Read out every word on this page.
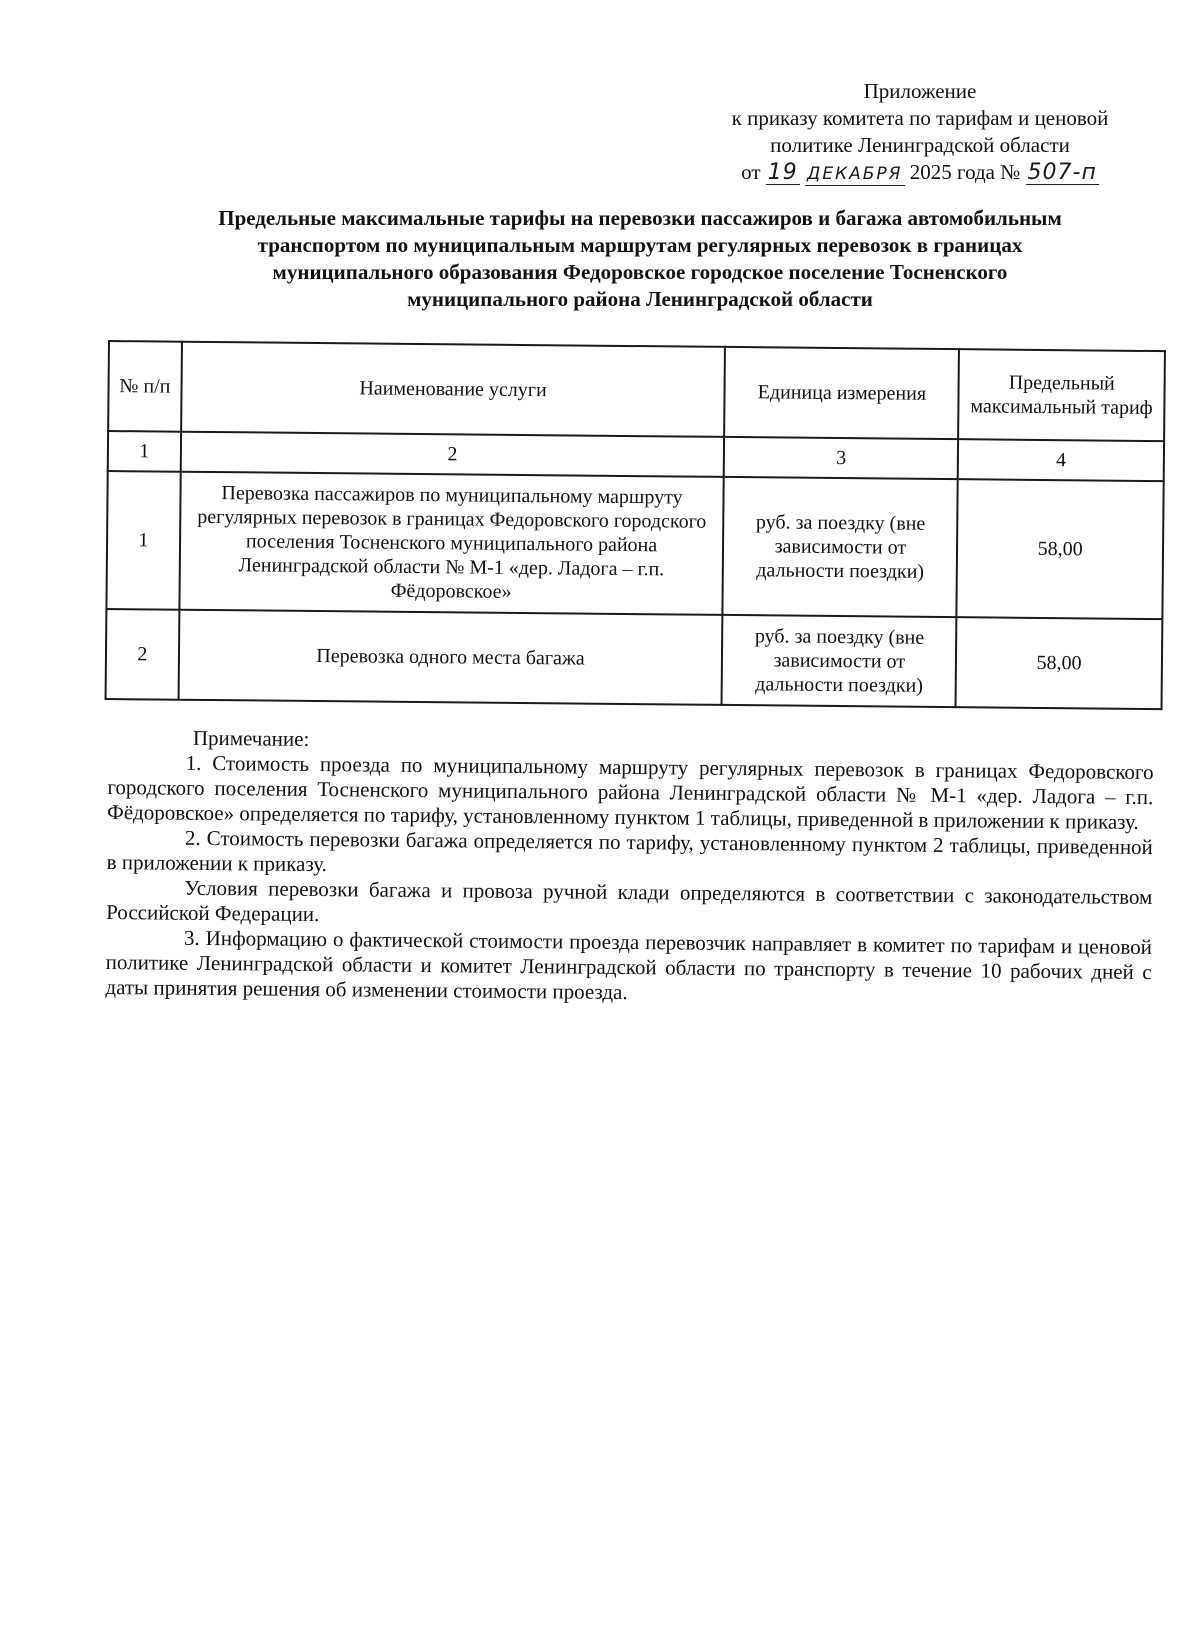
Приложение
к приказу комитета по тарифам и ценовой
политике Ленинградской области
от 19 ДЕКАБРЯ 2025 года № 507-п
Предельные максимальные тарифы на перевозки пассажиров и багажа автомобильным
транспортом по муниципальным маршрутам регулярных перевозок в границах
муниципального образования Федоровское городское поселение Тосненского
муниципального района Ленинградской области
№ п/п	Наименование услуги	Единица измерения	Предельный максимальный тариф
1	2	3	4
1	Перевозка пассажиров по муниципальному маршруту регулярных перевозок в границах Федоровского городского поселения Тосненского муниципального района Ленинградской области № М-1 «дер. Ладога – г.п. Фёдоровское»	руб. за поездку (вне зависимости от дальности поездки)	58,00
2	Перевозка одного места багажа	руб. за поездку (вне зависимости от дальности поездки)	58,00
Примечание:

1. Стоимость проезда по муниципальному маршруту регулярных перевозок в границах Федоровского городского поселения Тосненского муниципального района Ленинградской области № М-1 «дер. Ладога – г.п. Фёдоровское» определяется по тарифу, установленному пунктом 1 таблицы, приведенной в приложении к приказу.

2. Стоимость перевозки багажа определяется по тарифу, установленному пунктом 2 таблицы, приведенной в приложении к приказу.

Условия перевозки багажа и провоза ручной клади определяются в соответствии с законодательством Российской Федерации.

3. Информацию о фактической стоимости проезда перевозчик направляет в комитет по тарифам и ценовой политике Ленинградской области и комитет Ленинградской области по транспорту в течение 10 рабочих дней с даты принятия решения об изменении стоимости проезда.
